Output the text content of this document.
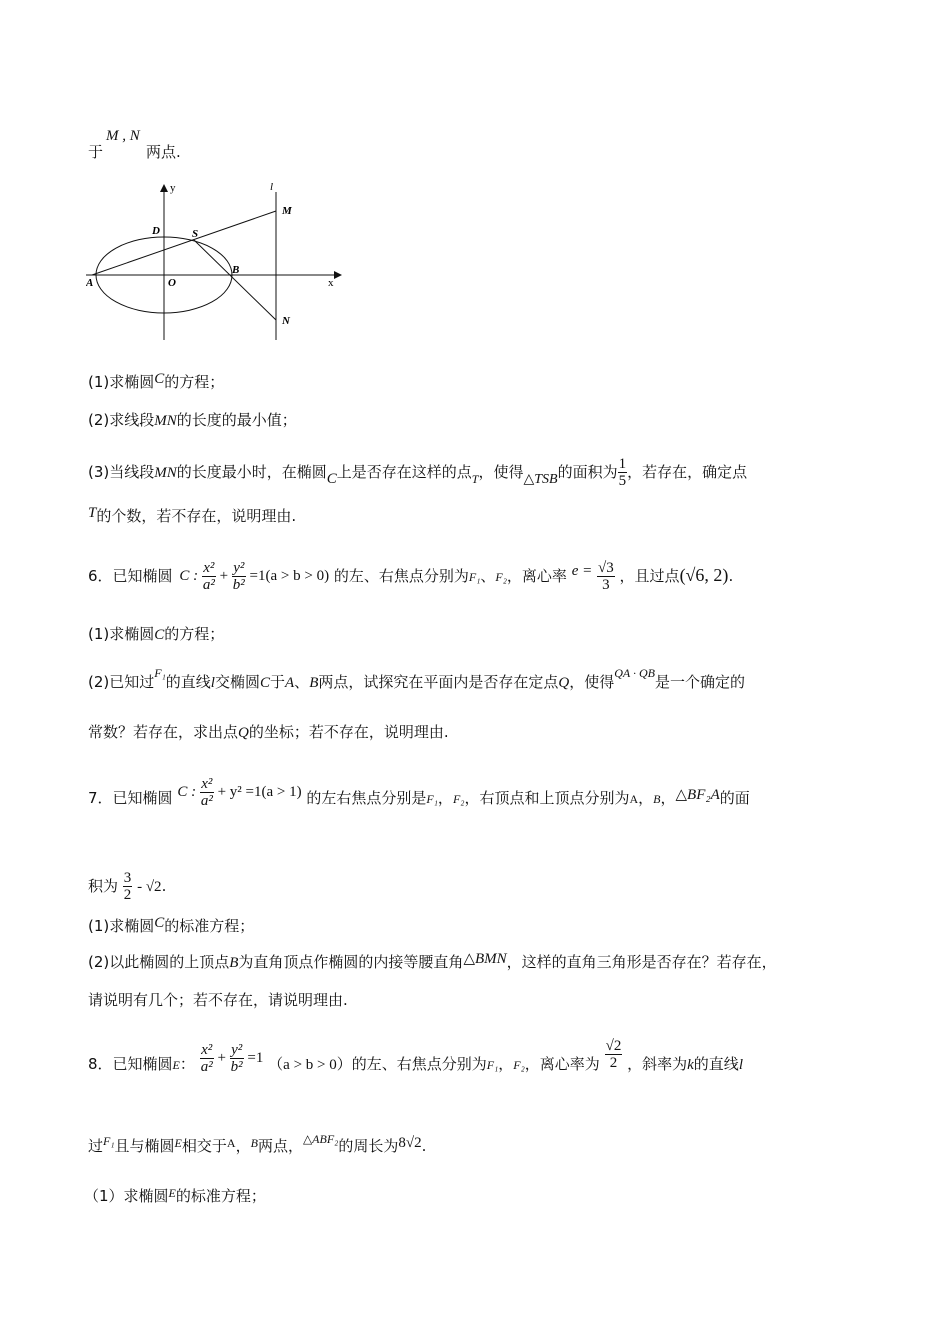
于
M , N
两点.
y
x
l
A
B
D	S
O
M
N
(1)求椭圆C的方程；
(2)求线段MN的长度的最小值；
(3)当线段MN的长度最小时，在椭圆C上是否存在这样的点$_T$，使得△TSB的面积为 $\frac{1}{5}$ ，若存在，确定点
T的个数，若不存在，说明理由.
6．已知椭圆 C : $\frac{\text{x²}}{\text{a²}} + \frac{\text{y²}}{\text{b²}} =1(a > b > 0)$ 的左、右焦点分别为F₁、F₂，离心率 $e = \frac{√3}{3}$ ，且过点(√6, 2).
(1)求椭圆C的方程；
(2)已知过$^{F_1}$的直线l交椭圆C于A、B两点，试探究在平面内是否存在定点Q，使得$^{QA \cdot QB}$是一个确定的
常数？若存在，求出点Q的坐标；若不存在，说明理由.
7．已知椭圆 C : $\frac{\text{x²}}{\text{a²}} + y^2 =1(a > 1)$ 的左右焦点分别是F₁，F₂，右顶点和上顶点分别为A，B，△BF₂A的面
积为 $\frac{3}{2} - √2$.
(1)求椭圆C的标准方程；
(2)以此椭圆的上顶点B为直角顶点作椭圆的内接等腰直角△BMN，这样的直角三角形是否存在？若存在，
请说明有几个；若不存在，请说明理由.
8．已知椭圆E： $\frac{\text{x²}}{\text{a²}} + \frac{\text{y²}}{\text{b²}} =1$ （a > b > 0）的左、右焦点分别为F₁，F₂，离心率为 $\frac{√2}{2}$ ，斜率为k的直线l
过$^{F_1}$且与椭圆$^E$相交于$^A$，$^B$两点，$^{\triangle ABF_2}$的周长为8√2.
（1）求椭圆$^E$的标准方程；
